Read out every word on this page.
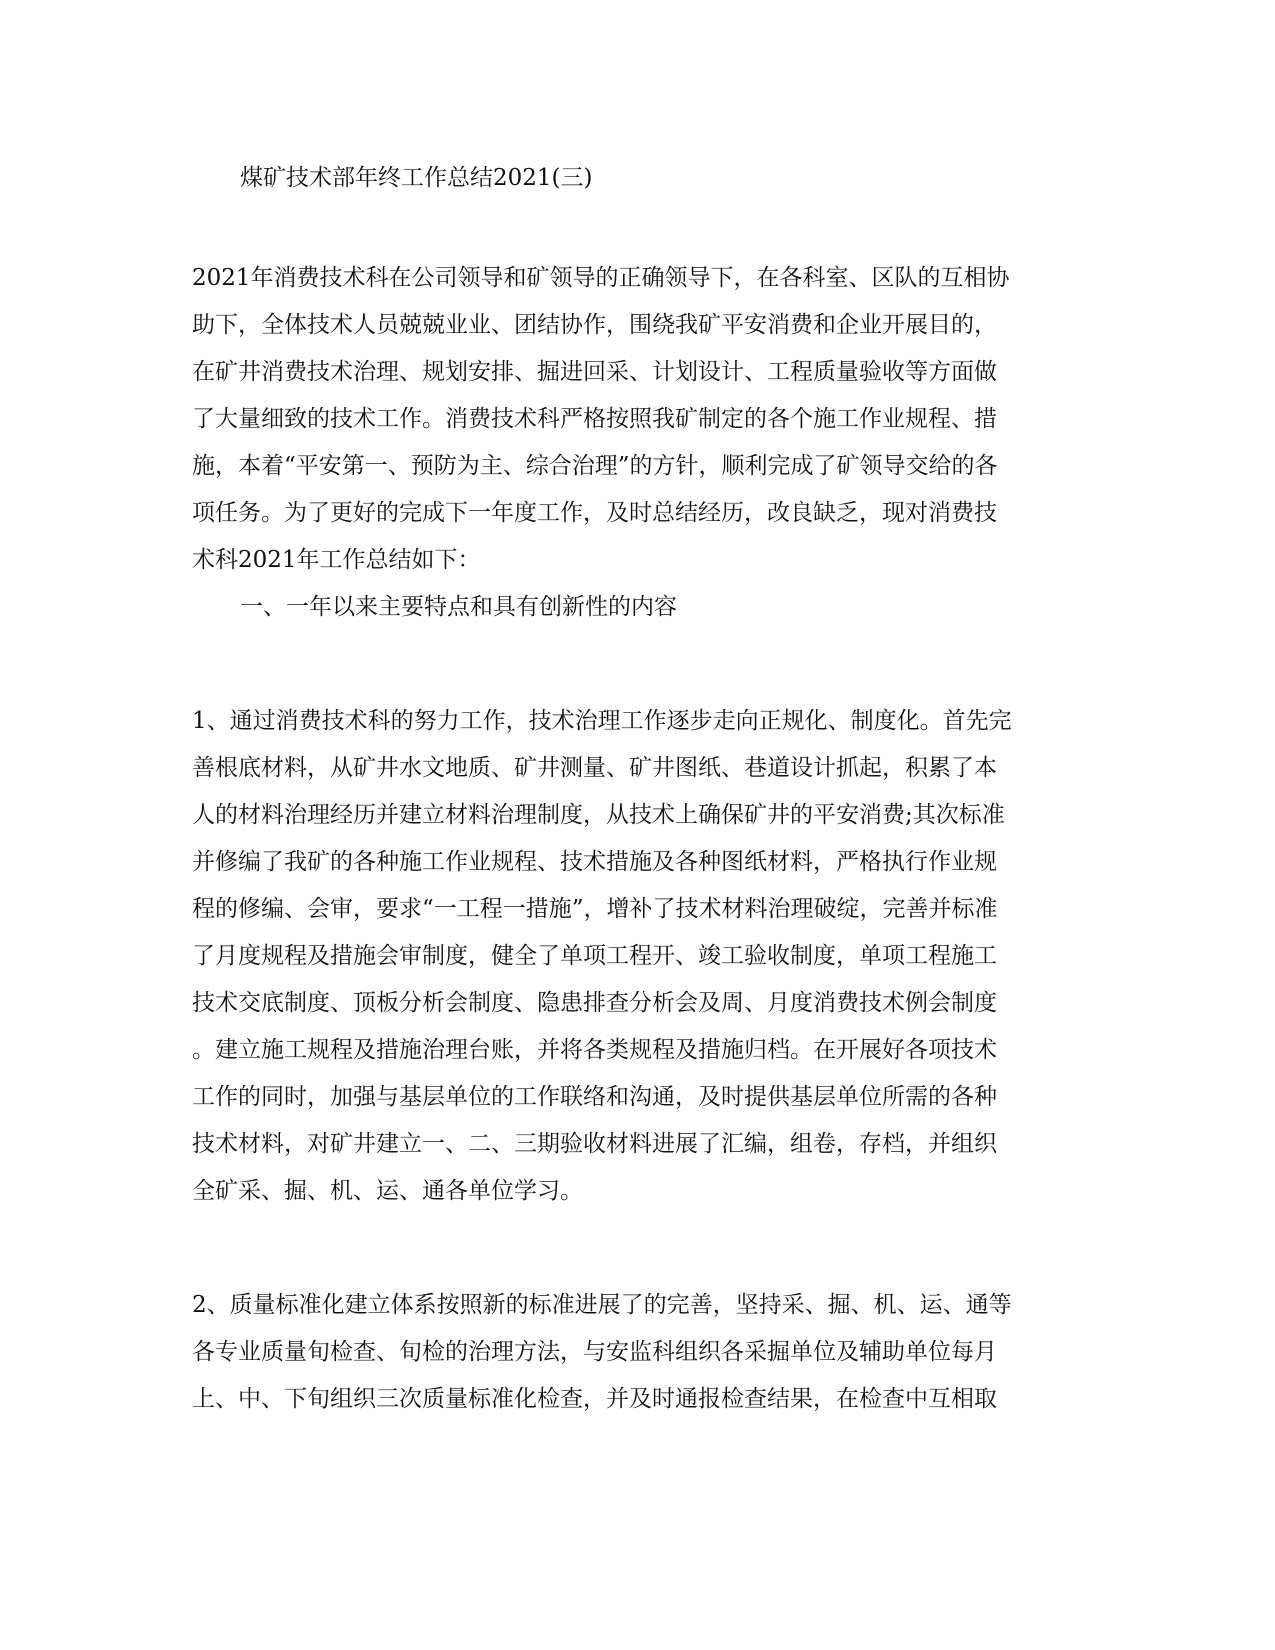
煤矿技术部年终工作总结2021(三)
2021年消费技术科在公司领导和矿领导的正确领导下，在各科室、区队的互相协
助下，全体技术人员兢兢业业、团结协作，围绕我矿平安消费和企业开展目的，
在矿井消费技术治理、规划安排、掘进回采、计划设计、工程质量验收等方面做
了大量细致的技术工作。消费技术科严格按照我矿制定的各个施工作业规程、措
施，本着“平安第一、预防为主、综合治理”的方针，顺利完成了矿领导交给的各
项任务。为了更好的完成下一年度工作，及时总结经历，改良缺乏，现对消费技
术科2021年工作总结如下：
一、一年以来主要特点和具有创新性的内容
1、通过消费技术科的努力工作，技术治理工作逐步走向正规化、制度化。首先完
善根底材料，从矿井水文地质、矿井测量、矿井图纸、巷道设计抓起，积累了本
人的材料治理经历并建立材料治理制度，从技术上确保矿井的平安消费;其次标准
并修编了我矿的各种施工作业规程、技术措施及各种图纸材料，严格执行作业规
程的修编、会审，要求“一工程一措施”，增补了技术材料治理破绽，完善并标准
了月度规程及措施会审制度，健全了单项工程开、竣工验收制度，单项工程施工
技术交底制度、顶板分析会制度、隐患排查分析会及周、月度消费技术例会制度
。建立施工规程及措施治理台账，并将各类规程及措施归档。在开展好各项技术
工作的同时，加强与基层单位的工作联络和沟通，及时提供基层单位所需的各种
技术材料，对矿井建立一、二、三期验收材料进展了汇编，组卷，存档，并组织
全矿采、掘、机、运、通各单位学习。
2、质量标准化建立体系按照新的标准进展了的完善，坚持采、掘、机、运、通等
各专业质量旬检查、旬检的治理方法，与安监科组织各采掘单位及辅助单位每月
上、中、下旬组织三次质量标准化检查，并及时通报检查结果，在检查中互相取
